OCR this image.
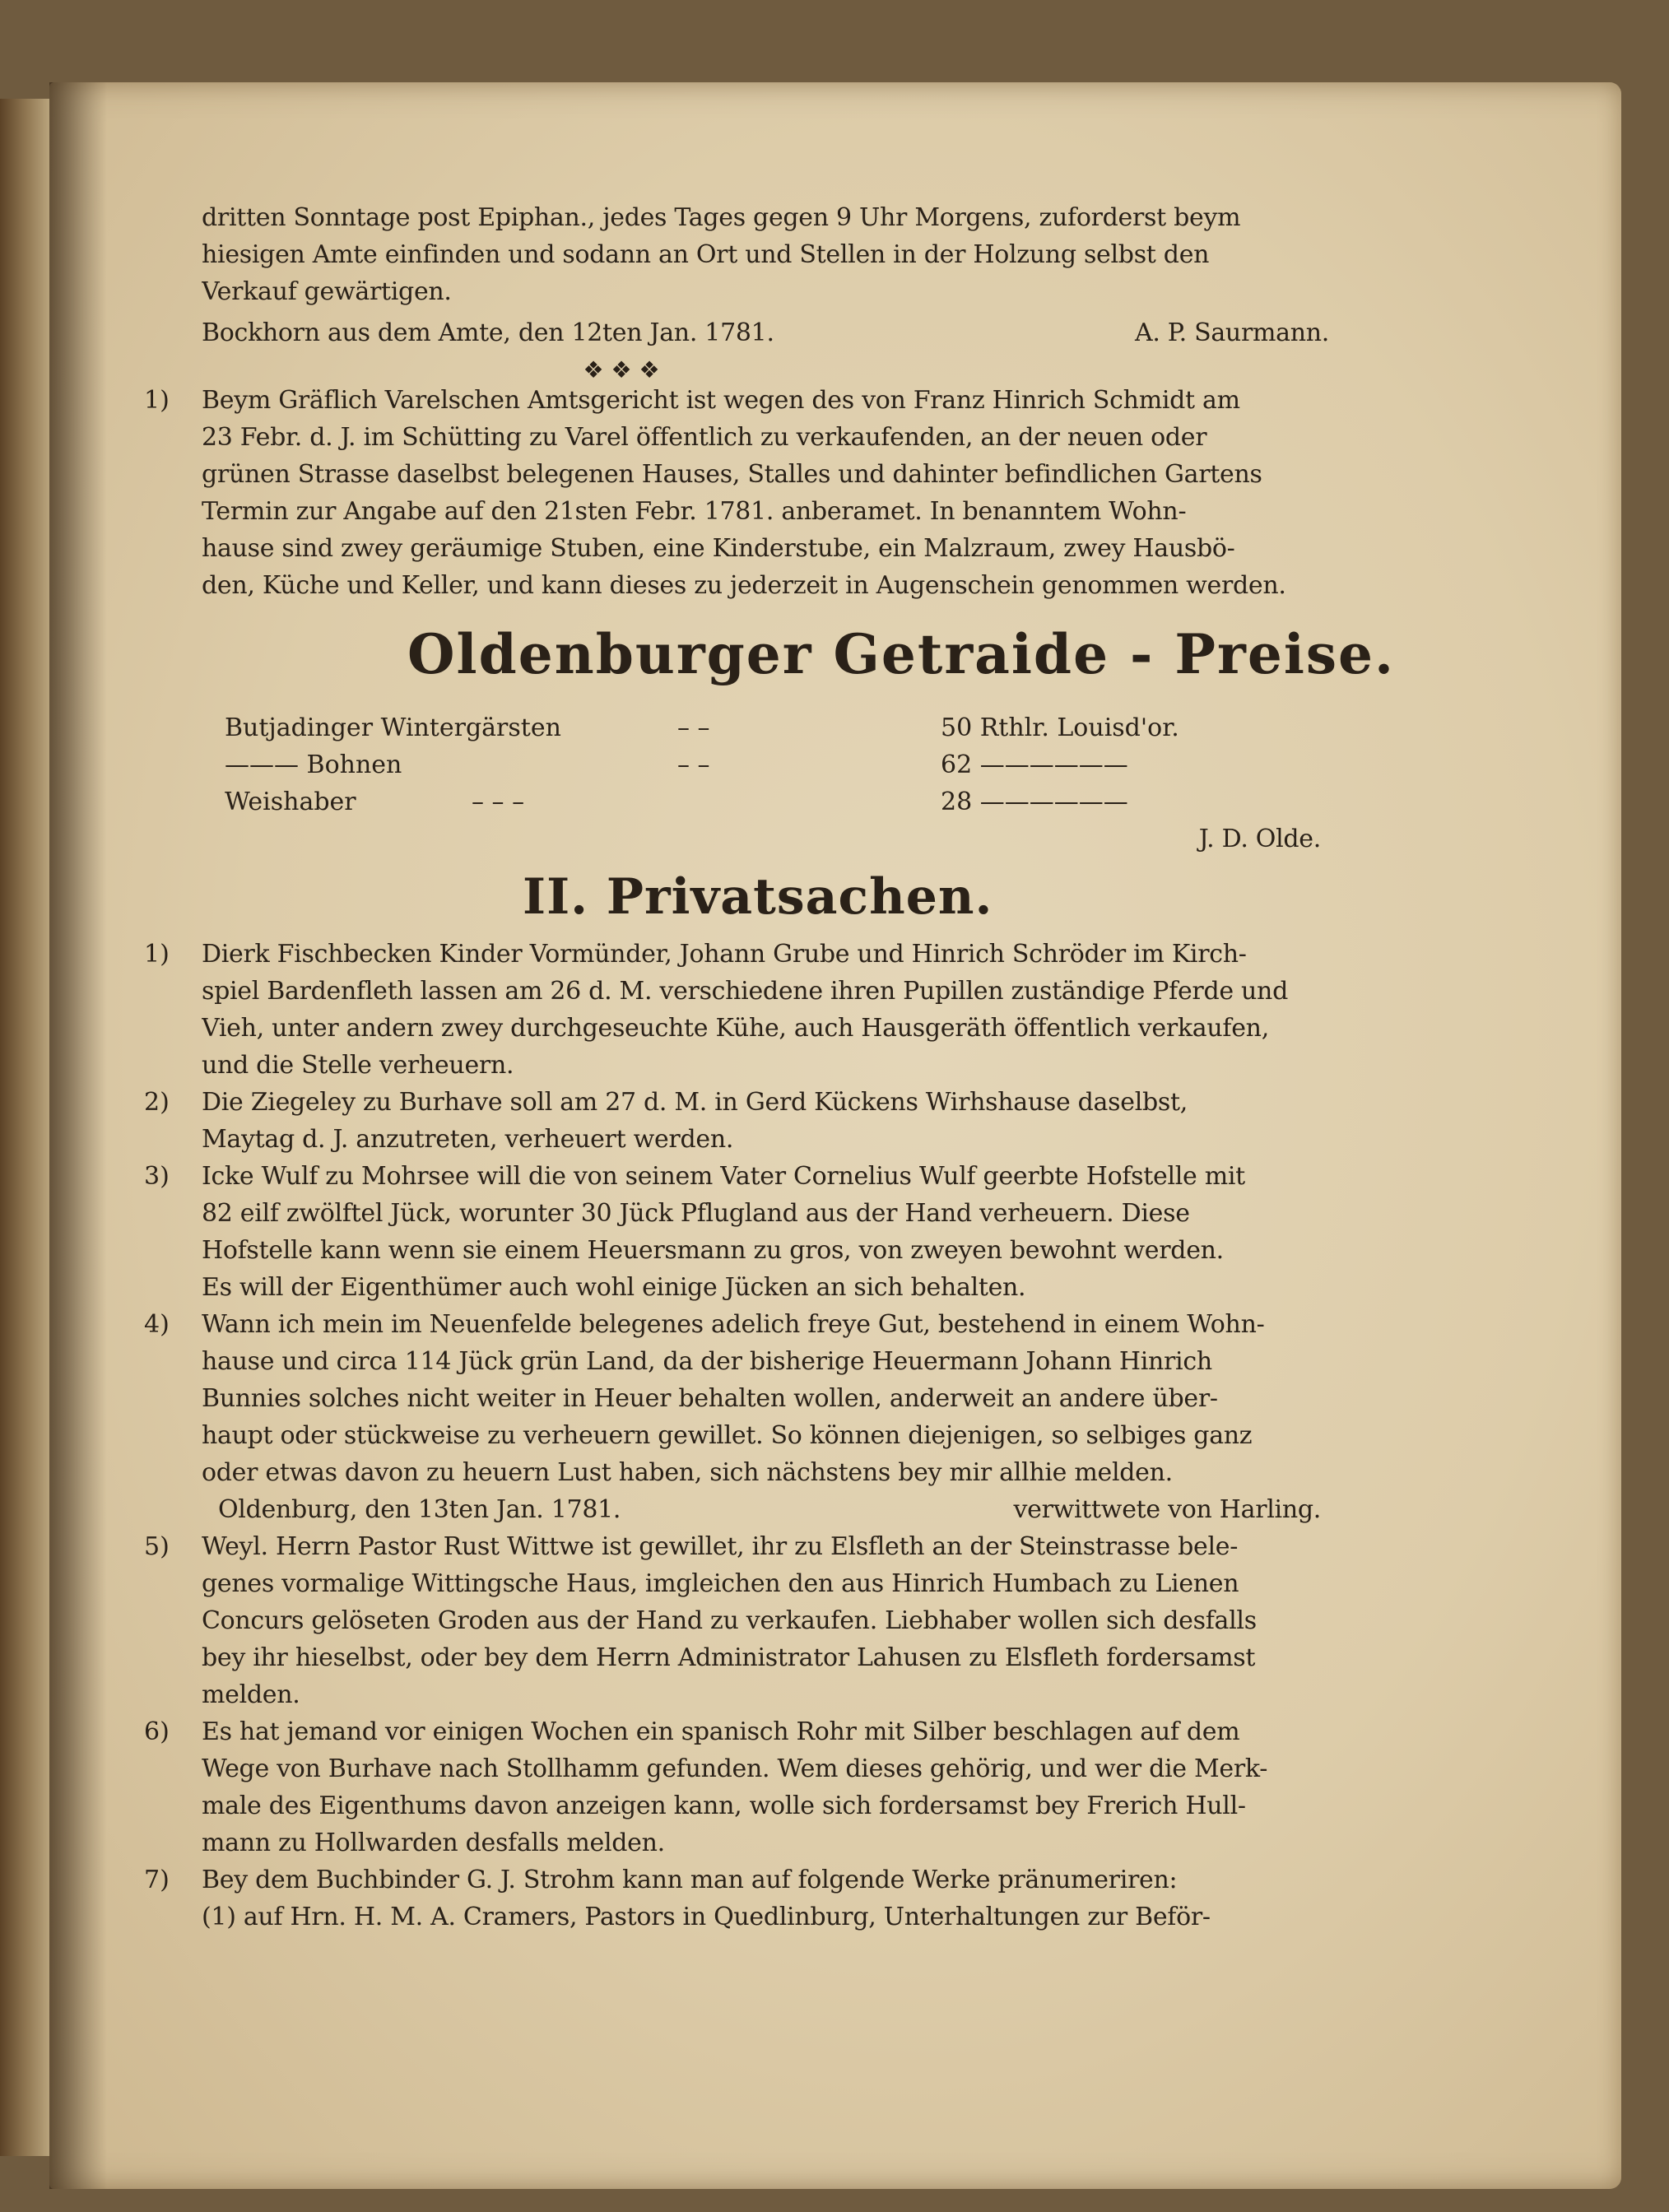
dritten Sonntage post Epiphan., jedes Tages gegen 9 Uhr Morgens, zuforderst beym
hiesigen Amte einfinden und sodann an Ort und Stellen in der Holzung selbst den
Verkauf gewärtigen.
Bockhorn aus dem Amte, den 12ten Jan. 1781.	A. P. Saurmann.
❖ ❖ ❖
1)	Beym Gräflich Varelschen Amtsgericht ist wegen des von Franz Hinrich Schmidt am
23 Febr. d. J. im Schütting zu Varel öffentlich zu verkaufenden, an der neuen oder
grünen Strasse daselbst belegenen Hauses, Stalles und dahinter befindlichen Gartens
Termin zur Angabe auf den 21sten Febr. 1781. anberamet. In benanntem Wohn-
hause sind zwey geräumige Stuben, eine Kinderstube, ein Malzraum, zwey Hausbö-
den, Küche und Keller, und kann dieses zu jederzeit in Augenschein genommen werden.
Oldenburger Getraide - Preise.
Butjadinger Wintergärsten	– –	50 Rthlr. Louisd'or.
——— Bohnen	– –	62 ——————
Weishaber	– – –	28 ——————
J. D. Olde.
II. Privatsachen.
1)	Dierk Fischbecken Kinder Vormünder, Johann Grube und Hinrich Schröder im Kirch-
spiel Bardenfleth lassen am 26 d. M. verschiedene ihren Pupillen zuständige Pferde und
Vieh, unter andern zwey durchgeseuchte Kühe, auch Hausgeräth öffentlich verkaufen,
und die Stelle verheuern.
2)	Die Ziegeley zu Burhave soll am 27 d. M. in Gerd Kückens Wirhshause daselbst,
Maytag d. J. anzutreten, verheuert werden.
3)	Icke Wulf zu Mohrsee will die von seinem Vater Cornelius Wulf geerbte Hofstelle mit
82 eilf zwölftel Jück, worunter 30 Jück Pflugland aus der Hand verheuern. Diese
Hofstelle kann wenn sie einem Heuersmann zu gros, von zweyen bewohnt werden.
Es will der Eigenthümer auch wohl einige Jücken an sich behalten.
4)	Wann ich mein im Neuenfelde belegenes adelich freye Gut, bestehend in einem Wohn-
hause und circa 114 Jück grün Land, da der bisherige Heuermann Johann Hinrich
Bunnies solches nicht weiter in Heuer behalten wollen, anderweit an andere über-
haupt oder stückweise zu verheuern gewillet. So können diejenigen, so selbiges ganz
oder etwas davon zu heuern Lust haben, sich nächstens bey mir allhie melden.
Oldenburg, den 13ten Jan. 1781.	verwittwete von Harling.
5)	Weyl. Herrn Pastor Rust Wittwe ist gewillet, ihr zu Elsfleth an der Steinstrasse bele-
genes vormalige Wittingsche Haus, imgleichen den aus Hinrich Humbach zu Lienen
Concurs gelöseten Groden aus der Hand zu verkaufen. Liebhaber wollen sich desfalls
bey ihr hieselbst, oder bey dem Herrn Administrator Lahusen zu Elsfleth fordersamst
melden.
6)	Es hat jemand vor einigen Wochen ein spanisch Rohr mit Silber beschlagen auf dem
Wege von Burhave nach Stollhamm gefunden. Wem dieses gehörig, und wer die Merk-
male des Eigenthums davon anzeigen kann, wolle sich fordersamst bey Frerich Hull-
mann zu Hollwarden desfalls melden.
7)	Bey dem Buchbinder G. J. Strohm kann man auf folgende Werke pränumeriren:
(1) auf Hrn. H. M. A. Cramers, Pastors in Quedlinburg, Unterhaltungen zur Beför-
